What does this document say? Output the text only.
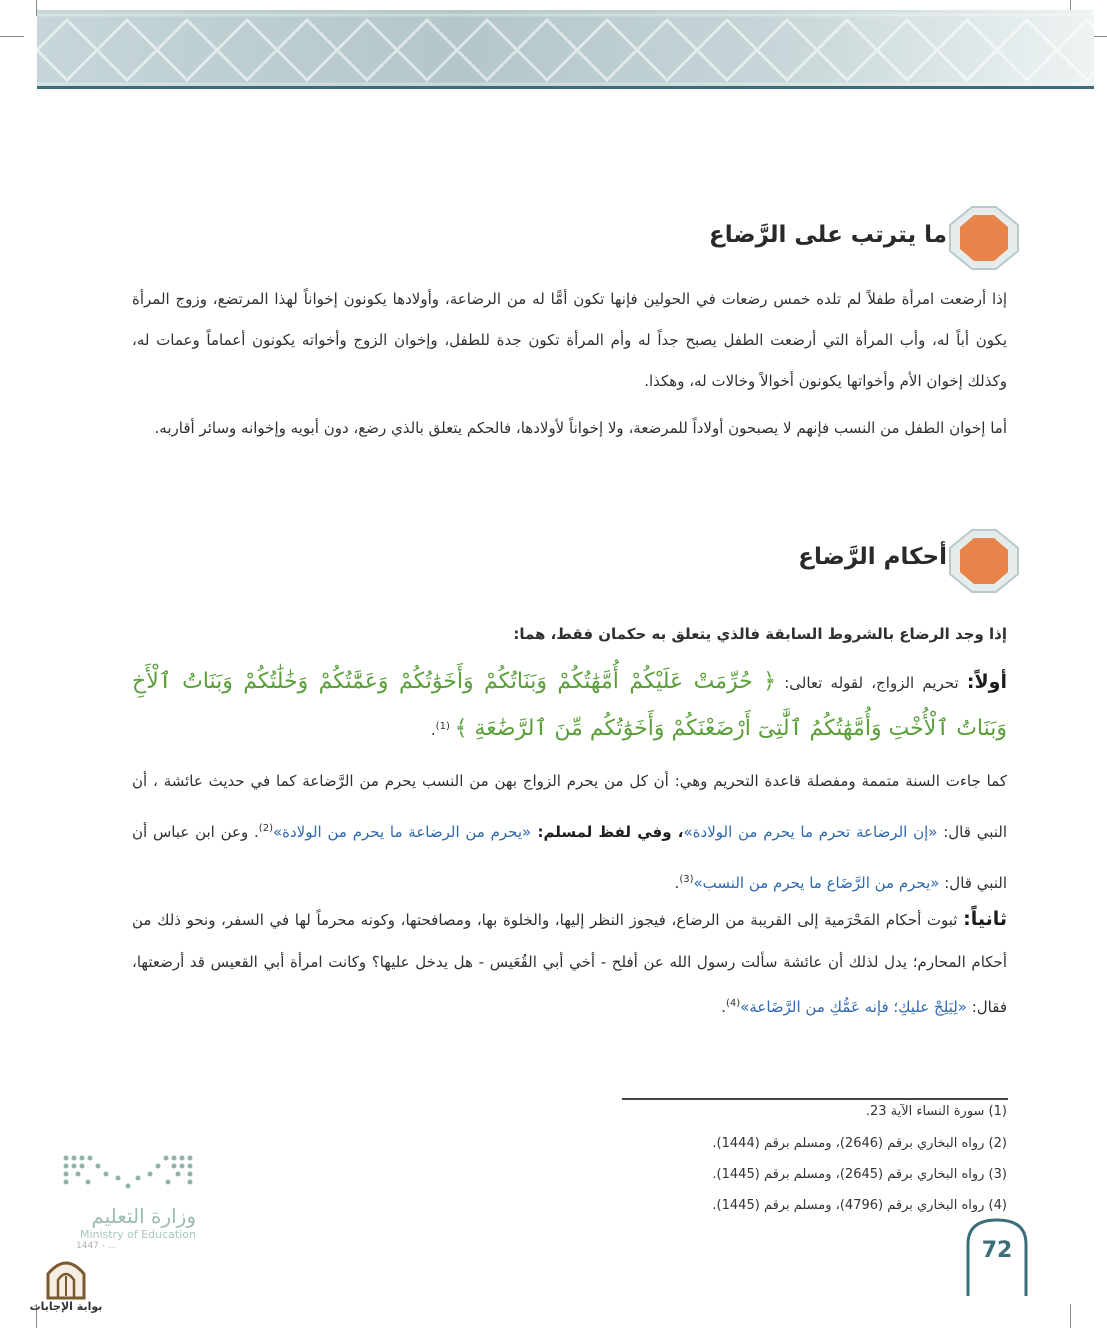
ما يترتب على الرَّضاع
إذا أرضعت امرأة طفلاً لم تلده خمس رضعات في الحولين فإنها تكون أمًّا له من الرضاعة، وأولادها يكونون إخواناً لهذا المرتضع، وزوج المرأة يكون أباً له، وأب المرأة التي أرضعت الطفل يصبح جداً له وأم المرأة تكون جدة للطفل، وإخوان الزوج وأخواته يكونون أعماماً وعمات له، وكذلك إخوان الأم وأخواتها يكونون أخوالاً وخالات له، وهكذا.
أما إخوان الطفل من النسب فإنهم لا يصبحون أولاداً للمرضعة، ولا إخواناً لأولادها، فالحكم يتعلق بالذي رضع، دون أبويه وإخوانه وسائر أقاربه.
أحكام الرَّضاع
إذا وجد الرضاع بالشروط السابقة فالذي يتعلق به حكمان فقط، هما:
أولاً: تحريم الزواج، لقوله تعالى: ﴿ حُرِّمَتْ عَلَيْكُمْ أُمَّهَٰتُكُمْ وَبَنَاتُكُمْ وَأَخَوَٰتُكُمْ وَعَمَّٰتُكُمْ وَخَٰلَٰتُكُمْ وَبَنَاتُ ٱلْأَخِ وَبَنَاتُ ٱلْأُخْتِ وَأُمَّهَٰتُكُمُ ٱلَّٰتِىٓ أَرْضَعْنَكُمْ وَأَخَوَٰتُكُم مِّنَ ٱلرَّضَٰعَةِ ﴾ $^{(1)}$.
كما جاءت السنة متممة ومفصلة قاعدة التحريم وهي: أن كل من يحرم الزواج بهن من النسب يحرم من الرَّضاعة كما في حديث عائشة ، أن النبي قال: «إن الرضاعة تحرم ما يحرم من الولادة»، وفي لفظ لمسلم: «يحرم من الرضاعة ما يحرم من الولادة»$^{(2)}$. وعن ابن عباس أن النبي قال: «يحرم من الرَّضَاع ما يحرم من النسب»$^{(3)}$.
ثانياً: ثبوت أحكام المَحْرَمية إلى القريبة من الرضاع، فيجوز النظر إليها، والخلوة بها، ومصافحتها، وكونه محرماً لها في السفر، ونحو ذلك من أحكام المحارم؛ يدل لذلك أن عائشة سألت رسول الله عن أفلح - أخي أبي القُعَيس - هل يدخل عليها؟ وكانت امرأة أبي القعيس قد أرضعتها، فقال: «لِيَلِجْ عليكِ؛ فإنه عَمُّكِ من الرَّضَاعة»$^{(4)}$.
(1) سورة النساء الآية 23.
(2) رواه البخاري برقم (2646)، ومسلم برقم (1444).
(3) رواه البخاري برقم (2645)، ومسلم برقم (1445).
(4) رواه البخاري برقم (4796)، ومسلم برقم (1445).
72
وزارة التعليم
Ministry of Education
1447 - ...
بوابة الإجابات
